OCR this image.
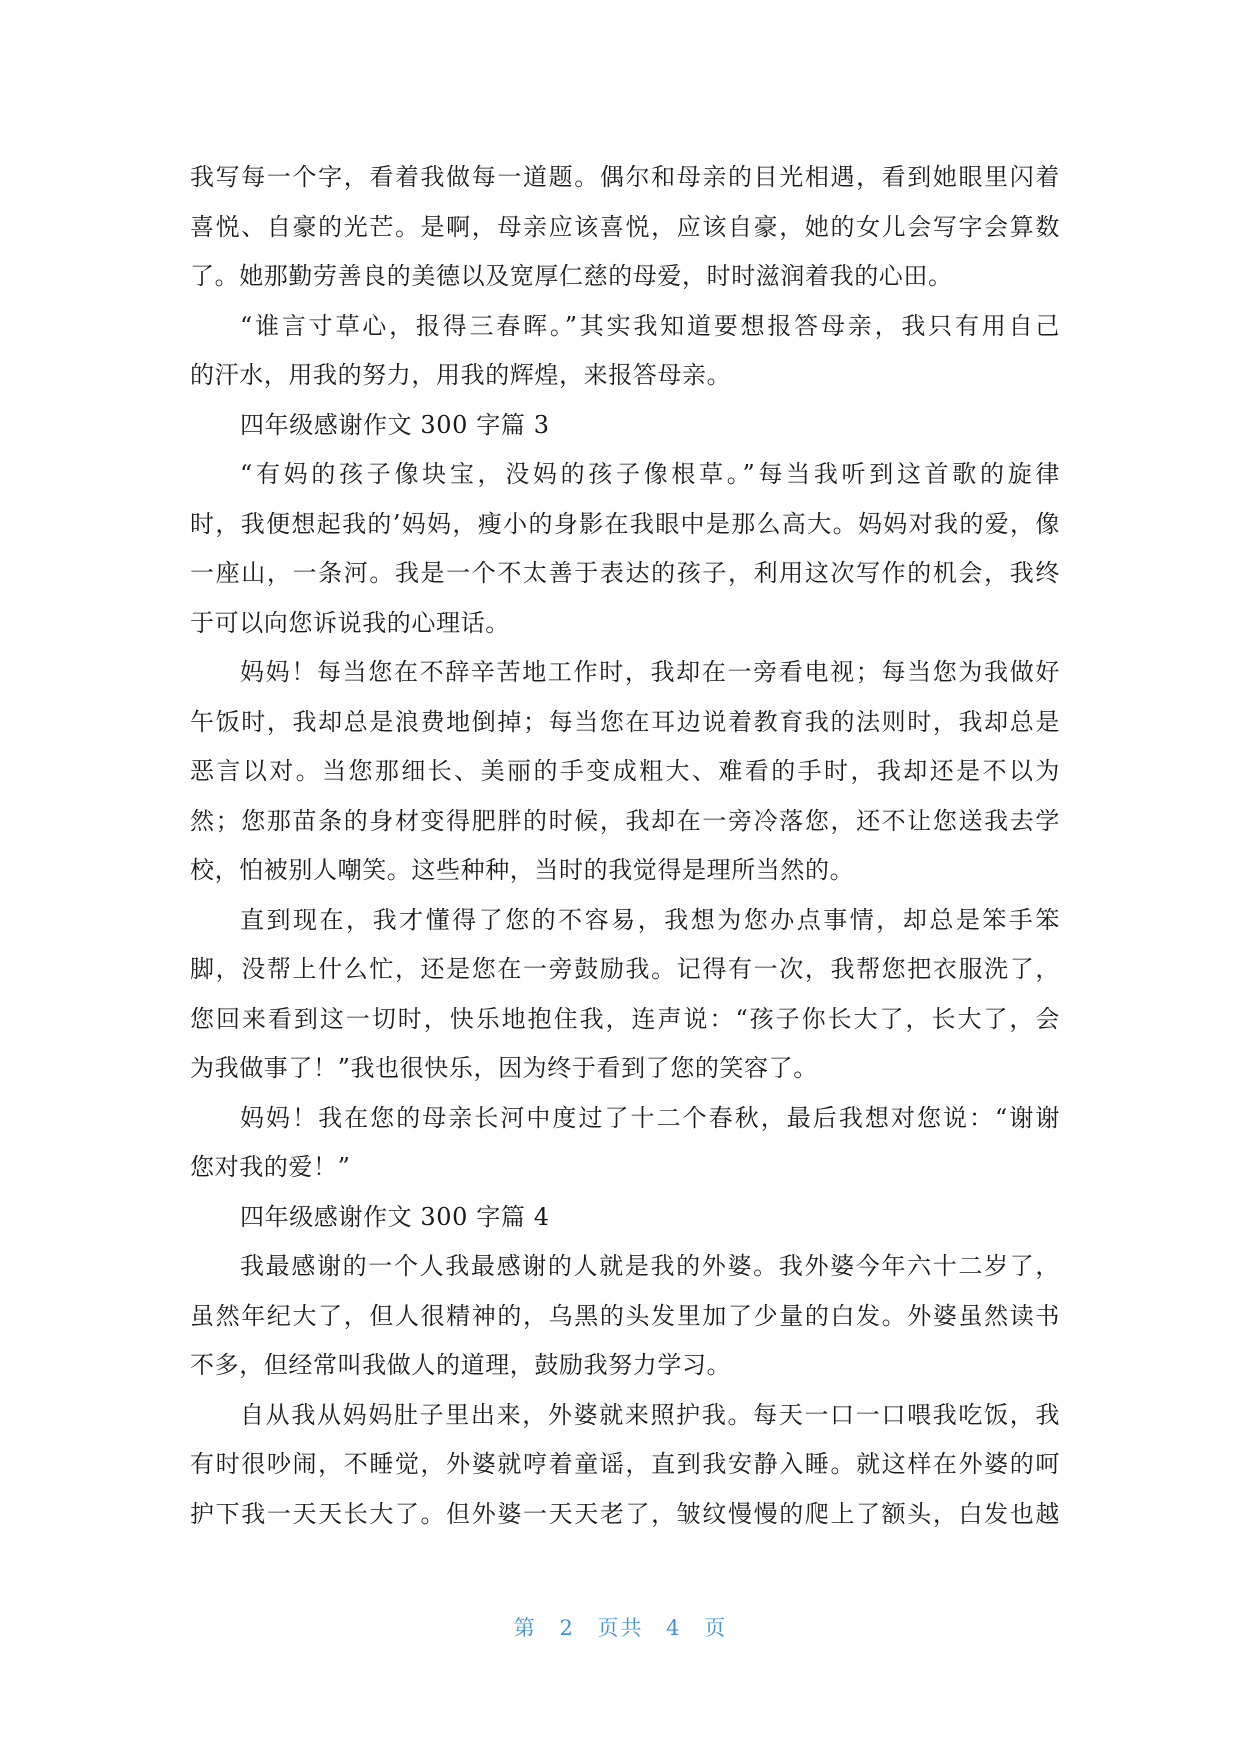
我写每一个字，看着我做每一道题。偶尔和母亲的目光相遇，看到她眼里闪着
喜悦、自豪的光芒。是啊，母亲应该喜悦，应该自豪，她的女儿会写字会算数
了。她那勤劳善良的美德以及宽厚仁慈的母爱，时时滋润着我的心田。
“谁言寸草心，报得三春晖。”其实我知道要想报答母亲，我只有用自己
的汗水，用我的努力，用我的辉煌，来报答母亲。
四年级感谢作文 300 字篇 3
“有妈的孩子像块宝，没妈的孩子像根草。”每当我听到这首歌的旋律
时，我便想起我的’妈妈，瘦小的身影在我眼中是那么高大。妈妈对我的爱，像
一座山，一条河。我是一个不太善于表达的孩子，利用这次写作的机会，我终
于可以向您诉说我的心理话。
妈妈！每当您在不辞辛苦地工作时，我却在一旁看电视；每当您为我做好
午饭时，我却总是浪费地倒掉；每当您在耳边说着教育我的法则时，我却总是
恶言以对。当您那细长、美丽的手变成粗大、难看的手时，我却还是不以为
然；您那苗条的身材变得肥胖的时候，我却在一旁冷落您，还不让您送我去学
校，怕被别人嘲笑。这些种种，当时的我觉得是理所当然的。
直到现在，我才懂得了您的不容易，我想为您办点事情，却总是笨手笨
脚，没帮上什么忙，还是您在一旁鼓励我。记得有一次，我帮您把衣服洗了，
您回来看到这一切时，快乐地抱住我，连声说：“孩子你长大了，长大了，会
为我做事了！”我也很快乐，因为终于看到了您的笑容了。
妈妈！我在您的母亲长河中度过了十二个春秋，最后我想对您说：“谢谢
您对我的爱！”
四年级感谢作文 300 字篇 4
我最感谢的一个人我最感谢的人就是我的外婆。我外婆今年六十二岁了，
虽然年纪大了，但人很精神的，乌黑的头发里加了少量的白发。外婆虽然读书
不多，但经常叫我做人的道理，鼓励我努力学习。
自从我从妈妈肚子里出来，外婆就来照护我。每天一口一口喂我吃饭，我
有时很吵闹，不睡觉，外婆就哼着童谣，直到我安静入睡。就这样在外婆的呵
护下我一天天长大了。但外婆一天天老了，皱纹慢慢的爬上了额头，白发也越
第 2 页共 4 页
